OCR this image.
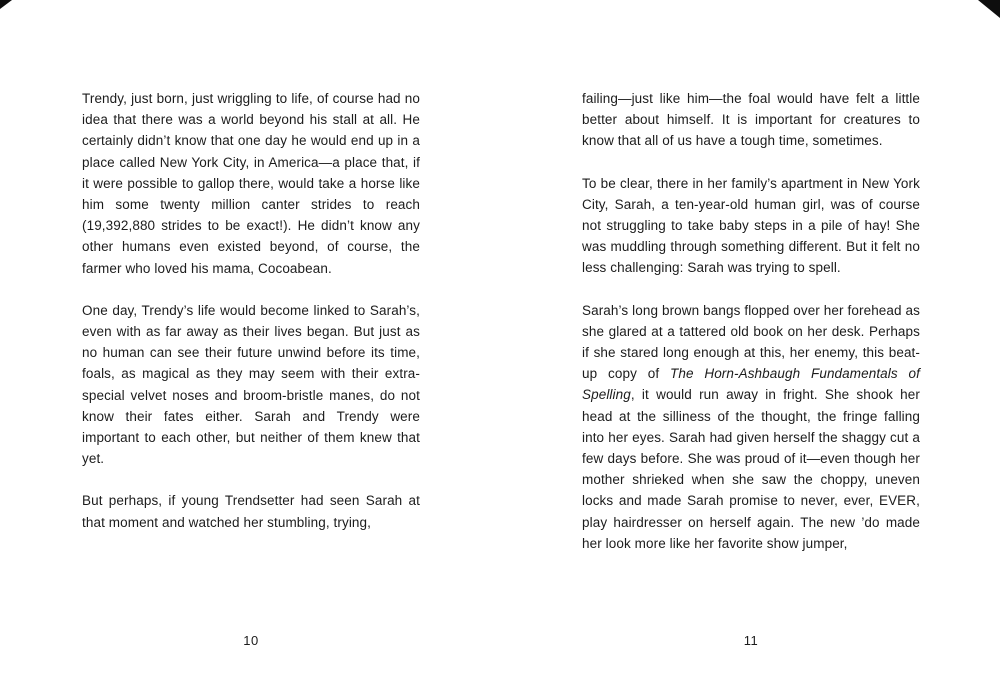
Trendy, just born, just wriggling to life, of course had no idea that there was a world beyond his stall at all. He certainly didn’t know that one day he would end up in a place called New York City, in America—a place that, if it were possible to gallop there, would take a horse like him some twenty million canter strides to reach (19,392,880 strides to be exact!). He didn’t know any other humans even existed beyond, of course, the farmer who loved his mama, Cocoabean.

One day, Trendy’s life would become linked to Sarah’s, even with as far away as their lives began. But just as no human can see their future unwind before its time, foals, as magical as they may seem with their extra-special velvet noses and broom-bristle manes, do not know their fates either. Sarah and Trendy were important to each other, but neither of them knew that yet.

But perhaps, if young Trendsetter had seen Sarah at that moment and watched her stumbling, trying,

10

failing—just like him—the foal would have felt a little better about himself. It is important for creatures to know that all of us have a tough time, sometimes.

To be clear, there in her family’s apartment in New York City, Sarah, a ten-year-old human girl, was of course not struggling to take baby steps in a pile of hay! She was muddling through something different. But it felt no less challenging: Sarah was trying to spell.

Sarah’s long brown bangs flopped over her forehead as she glared at a tattered old book on her desk. Perhaps if she stared long enough at this, her enemy, this beat-up copy of The Horn-Ashbaugh Fundamentals of Spelling, it would run away in fright. She shook her head at the silliness of the thought, the fringe falling into her eyes. Sarah had given herself the shaggy cut a few days before. She was proud of it—even though her mother shrieked when she saw the choppy, uneven locks and made Sarah promise to never, ever, EVER, play hairdresser on herself again. The new ’do made her look more like her favorite show jumper,

11
